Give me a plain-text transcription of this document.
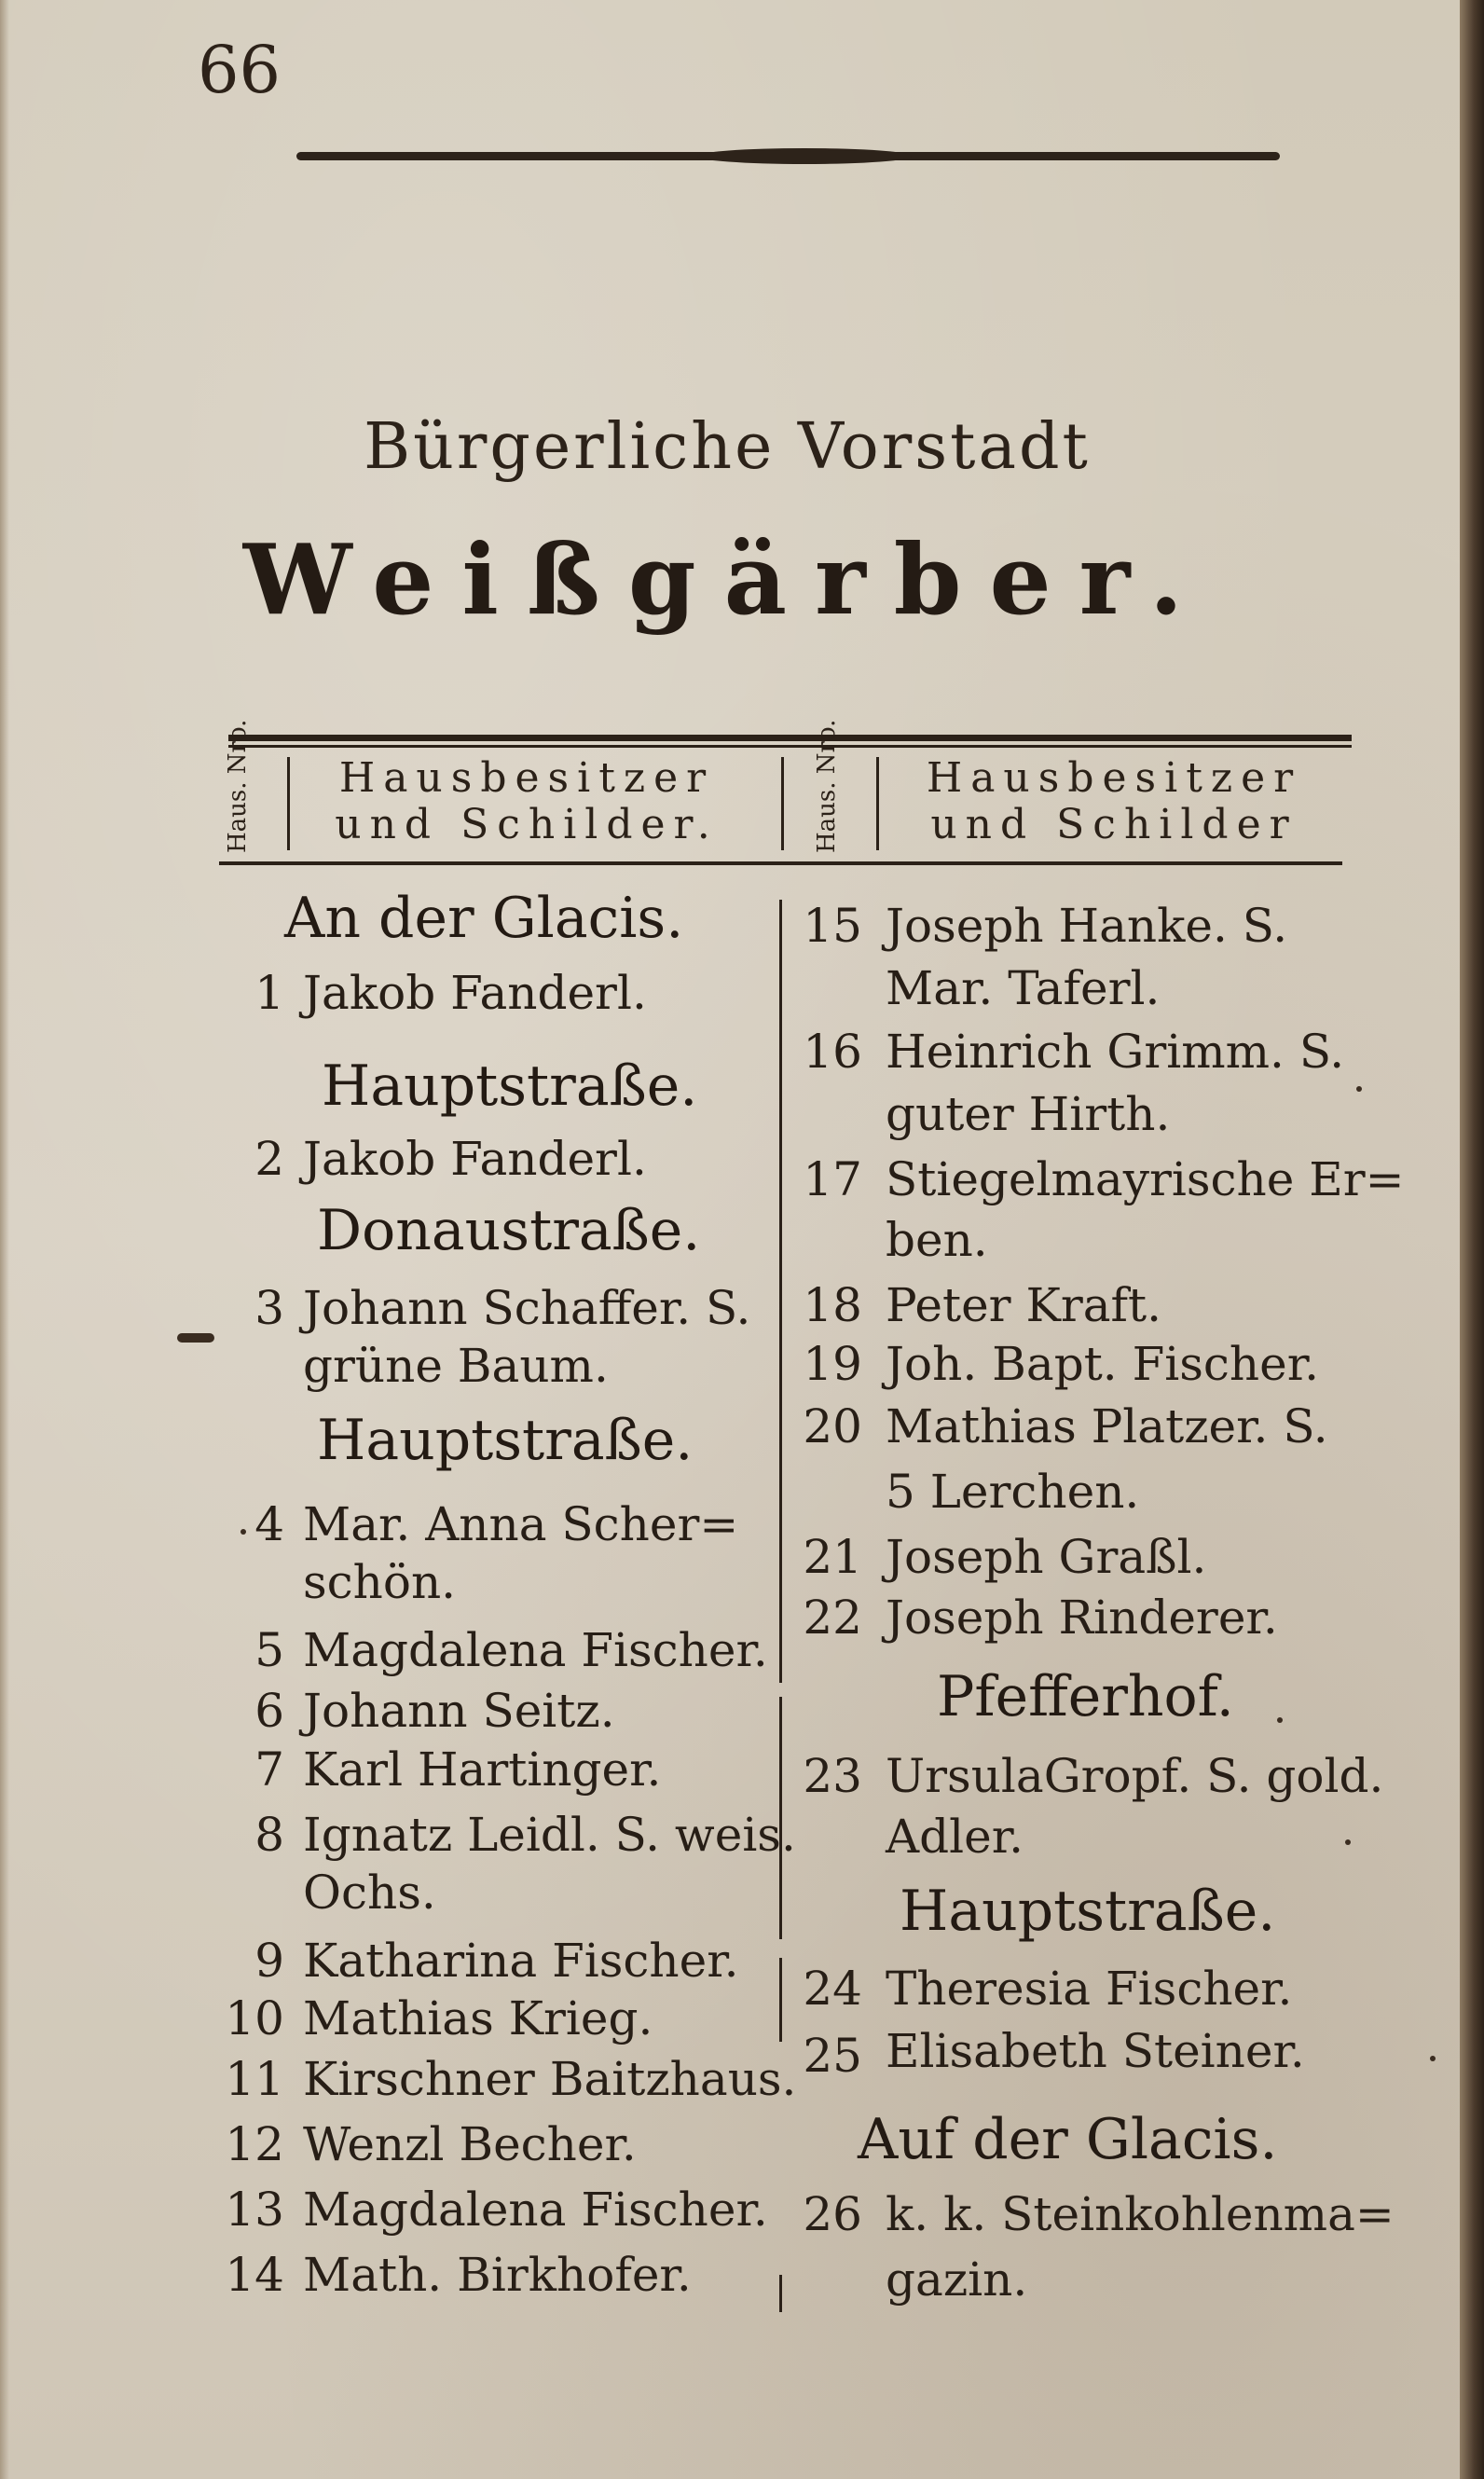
66
Bürgerliche Vorstadt
Weißgärber.
Haus. Nro.	Hausbesitzer
und Schilder.	Haus. Nro.	Hausbesitzer
und Schilder
An der Glacis.
1 Jakob Fanderl.
Hauptstraße.
2 Jakob Fanderl.
Donaustraße.
3 Johann Schaffer. S.
grüne Baum.
Hauptstraße.
4 Mar. Anna Scher=
schön.
5 Magdalena Fischer.
6 Johann Seitz.
7 Karl Hartinger.
8 Ignatz Leidl. S. weis.
Ochs.
9 Katharina Fischer.
10 Mathias Krieg.
11 Kirschner Baitzhaus.
12 Wenzl Becher.
13 Magdalena Fischer.
14 Math. Birkhofer.
15 Joseph Hanke. S.
Mar. Taferl.
16 Heinrich Grimm. S.
guter Hirth.
17 Stiegelmayrische Er=
ben.
18 Peter Kraft.
19 Joh. Bapt. Fischer.
20 Mathias Platzer. S.
5 Lerchen.
21 Joseph Graßl.
22 Joseph Rinderer.
Pfefferhof.
23 UrsulaGropf. S. gold.
Adler.
Hauptstraße.
24 Theresia Fischer.
25 Elisabeth Steiner.
Auf der Glacis.
26 k. k. Steinkohlenma=
gazin.
